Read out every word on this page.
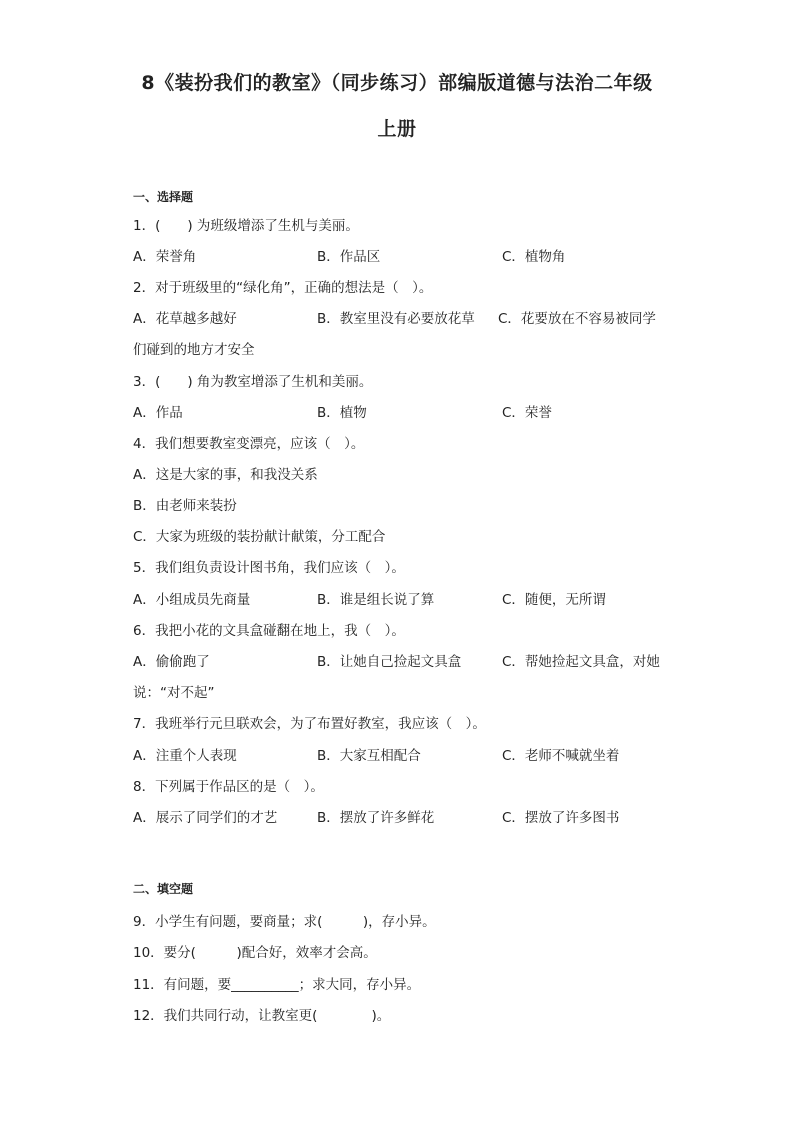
8《装扮我们的教室》（同步练习）部编版道德与法治二年级
上册
一、选择题
1．(　　) 为班级增添了生机与美丽。
A．荣誉角	B．作品区	C．植物角
2．对于班级里的“绿化角”，正确的想法是（　）。
A．花草越多越好	B．教室里没有必要放花草 C．花要放在不容易被同学
们碰到的地方才安全
3．(　　) 角为教室增添了生机和美丽。
A．作品	B．植物	C．荣誉
4．我们想要教室变漂亮，应该（　）。
A．这是大家的事，和我没关系
B．由老师来装扮
C．大家为班级的装扮献计献策，分工配合
5．我们组负责设计图书角，我们应该（　）。
A．小组成员先商量	B．谁是组长说了算	C．随便，无所谓
6．我把小花的文具盒碰翻在地上，我（　）。
A．偷偷跑了	B．让她自己捡起文具盒	C．帮她捡起文具盒，对她
说：“对不起”
7．我班举行元旦联欢会，为了布置好教室，我应该（　）。
A．注重个人表现	B．大家互相配合	C．老师不喊就坐着
8．下列属于作品区的是（　）。
A．展示了同学们的才艺	B．摆放了许多鲜花	C．摆放了许多图书
二、填空题
9．小学生有问题，要商量；求(　　　)，存小异。
10．要分(　　　)配合好，效率才会高。
11．有问题，要__________；求大同，存小异。
12．我们共同行动，让教室更(　　　　)。
